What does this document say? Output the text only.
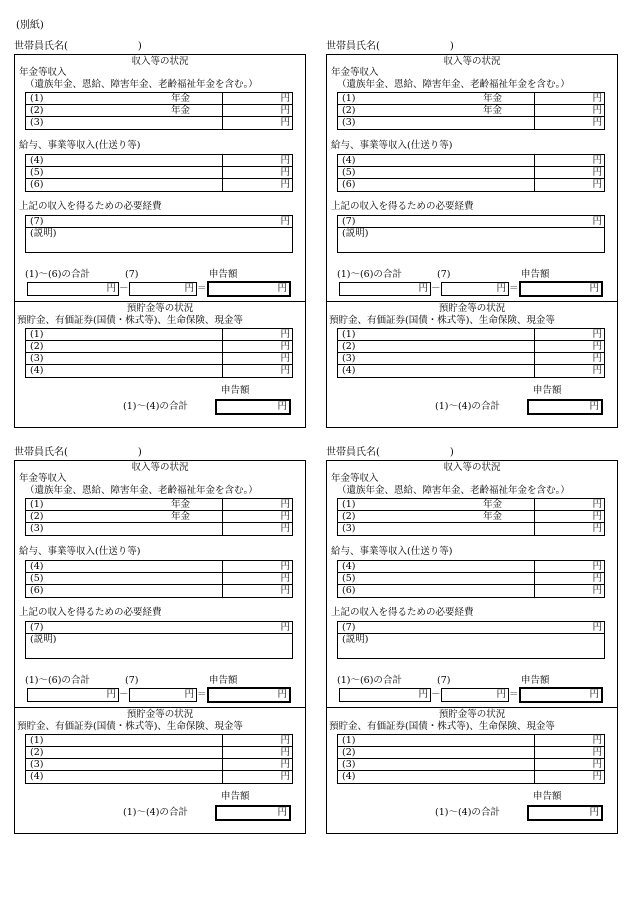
(別紙)
世帯員氏名(　　　　　　　)
収入等の状況
年金等収入
（遺族年金、恩給、障害年金、老齢福祉年金を含む。）
(1)	年金	円
(2)	年金	円
(3)	円
給与、事業等収入(仕送り等)
(4)	円
(5)	円
(6)	円
上記の収入を得るための必要経費
(7)	円
(説明)
(1)～(6)の合計	(7)	申告額
円 －	円 ＝	円
預貯金等の状況
預貯金、有価証券(国債・株式等)、生命保険、現金等
(1)	円
(2)	円
(3)	円
(4)	円
申告額
(1)～(4)の合計	円
世帯員氏名(　　　　　　　)
収入等の状況
年金等収入
（遺族年金、恩給、障害年金、老齢福祉年金を含む。）
(1)	年金	円
(2)	年金	円
(3)	円
給与、事業等収入(仕送り等)
(4)	円
(5)	円
(6)	円
上記の収入を得るための必要経費
(7)	円
(説明)
(1)～(6)の合計	(7)	申告額
円 －	円 ＝	円
預貯金等の状況
預貯金、有価証券(国債・株式等)、生命保険、現金等
(1)	円
(2)	円
(3)	円
(4)	円
申告額
(1)～(4)の合計	円
世帯員氏名(　　　　　　　)
収入等の状況
年金等収入
（遺族年金、恩給、障害年金、老齢福祉年金を含む。）
(1)	年金	円
(2)	年金	円
(3)	円
給与、事業等収入(仕送り等)
(4)	円
(5)	円
(6)	円
上記の収入を得るための必要経費
(7)	円
(説明)
(1)～(6)の合計	(7)	申告額
円 －	円 ＝	円
預貯金等の状況
預貯金、有価証券(国債・株式等)、生命保険、現金等
(1)	円
(2)	円
(3)	円
(4)	円
申告額
(1)～(4)の合計	円
世帯員氏名(　　　　　　　)
収入等の状況
年金等収入
（遺族年金、恩給、障害年金、老齢福祉年金を含む。）
(1)	年金	円
(2)	年金	円
(3)	円
給与、事業等収入(仕送り等)
(4)	円
(5)	円
(6)	円
上記の収入を得るための必要経費
(7)	円
(説明)
(1)～(6)の合計	(7)	申告額
円 －	円 ＝	円
預貯金等の状況
預貯金、有価証券(国債・株式等)、生命保険、現金等
(1)	円
(2)	円
(3)	円
(4)	円
申告額
(1)～(4)の合計	円
